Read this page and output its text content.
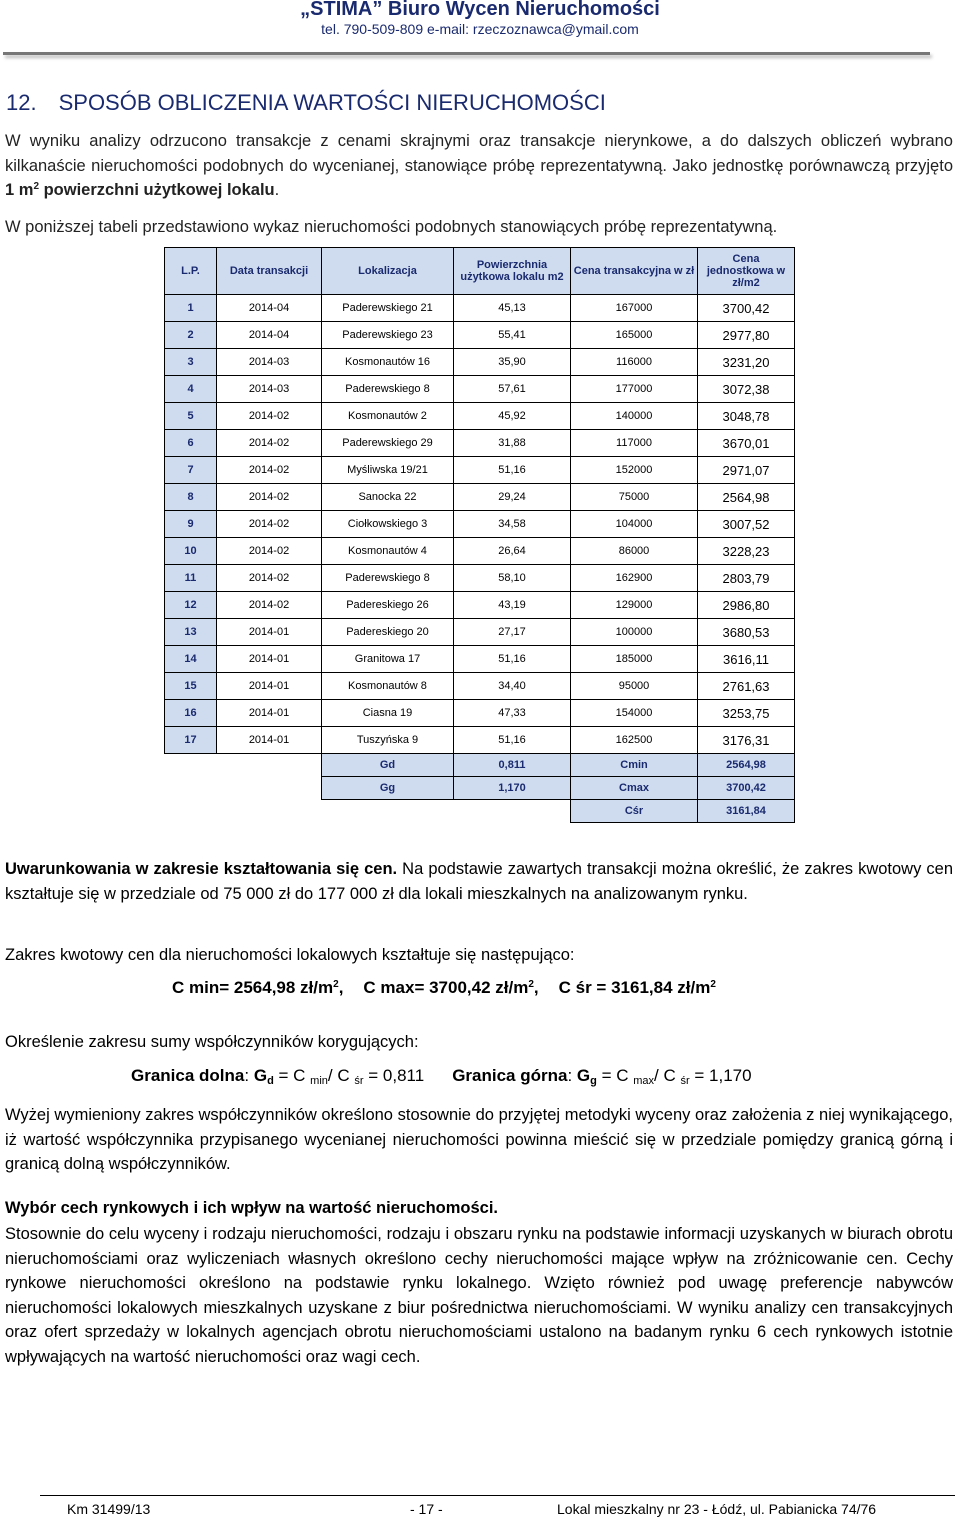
„STIMA” Biuro Wycen Nieruchomości
tel. 790-509-809 e-mail: rzeczoznawca@ymail.com
12. SPOSÓB OBLICZENIA WARTOŚCI NIERUCHOMOŚCI

W wyniku analizy odrzucono transakcje z cenami skrajnymi oraz transakcje nierynkowe, a do dalszych obliczeń wybrano kilkanaście nieruchomości podobnych do wycenianej, stanowiące próbę reprezentatywną. Jako jednostkę porównawczą przyjęto 1 $m^2$ powierzchni użytkowej lokalu.

W poniższej tabeli przedstawiono wykaz nieruchomości podobnych stanowiących próbę reprezentatywną.

L.P.	Data transakcji	Lokalizacja	Powierzchnia użytkowa lokalu m2	Cena transakcyjna w zł	Cena jednostkowa w zł/m2
1	2014-04	Paderewskiego 21	45,13	167000	3700,42
2	2014-04	Paderewskiego 23	55,41	165000	2977,80
3	2014-03	Kosmonautów 16	35,90	116000	3231,20
4	2014-03	Paderewskiego 8	57,61	177000	3072,38
5	2014-02	Kosmonautów 2	45,92	140000	3048,78
6	2014-02	Paderewskiego 29	31,88	117000	3670,01
7	2014-02	Myśliwska 19/21	51,16	152000	2971,07
8	2014-02	Sanocka 22	29,24	75000	2564,98
9	2014-02	Ciołkowskiego 3	34,58	104000	3007,52
10	2014-02	Kosmonautów 4	26,64	86000	3228,23
11	2014-02	Paderewskiego 8	58,10	162900	2803,79
12	2014-02	Padereskiego 26	43,19	129000	2986,80
13	2014-01	Padereskiego 20	27,17	100000	3680,53
14	2014-01	Granitowa 17	51,16	185000	3616,11
15	2014-01	Kosmonautów 8	34,40	95000	2761,63
16	2014-01	Ciasna 19	47,33	154000	3253,75
17	2014-01	Tuszyńska 9	51,16	162500	3176,31
		Gd	0,811	Cmin	2564,98
		Gg	1,170	Cmax	3700,42
				Cśr	3161,84

Uwarunkowania w zakresie kształtowania się cen. Na podstawie zawartych transakcji można określić, że zakres kwotowy cen kształtuje się w przedziale od 75 000 zł do 177 000 zł dla lokali mieszkalnych na analizowanym rynku.

Zakres kwotowy cen dla nieruchomości lokalowych kształtuje się następująco:

C min= 2564,98 $zł/m^2$, C max= 3700,42 $zł/m^2$, C śr = 3161,84 $zł/m^2$

Określenie zakresu sumy współczynników korygujących:

Granica dolna: $G_d = C$ $_{min}$/ C $_{śr}$ = 0,811 Granica górna: $G_g = C$ $_{max}$/ C $_{śr}$ = 1,170

Wyżej wymieniony zakres współczynników określono stosownie do przyjętej metodyki wyceny oraz założenia z niej wynikającego, iż wartość współczynnika przypisanego wycenianej nieruchomości powinna mieścić się w przedziale pomiędzy granicą górną i granicą dolną współczynników.

Wybór cech rynkowych i ich wpływ na wartość nieruchomości.

Stosownie do celu wyceny i rodzaju nieruchomości, rodzaju i obszaru rynku na podstawie informacji uzyskanych w biurach obrotu nieruchomościami oraz wyliczeniach własnych określono cechy nieruchomości mające wpływ na zróżnicowanie cen. Cechy rynkowe nieruchomości określono na podstawie rynku lokalnego. Wzięto również pod uwagę preferencje nabywców nieruchomości lokalowych mieszkalnych uzyskane z biur pośrednictwa nieruchomościami. W wyniku analizy cen transakcyjnych oraz ofert sprzedaży w lokalnych agencjach obrotu nieruchomościami ustalono na badanym rynku 6 cech rynkowych istotnie wpływających na wartość nieruchomości oraz wagi cech.

Km 31499/13	- 17 -	Lokal mieszkalny nr 23 - Łódź, ul. Pabianicka 74/76
